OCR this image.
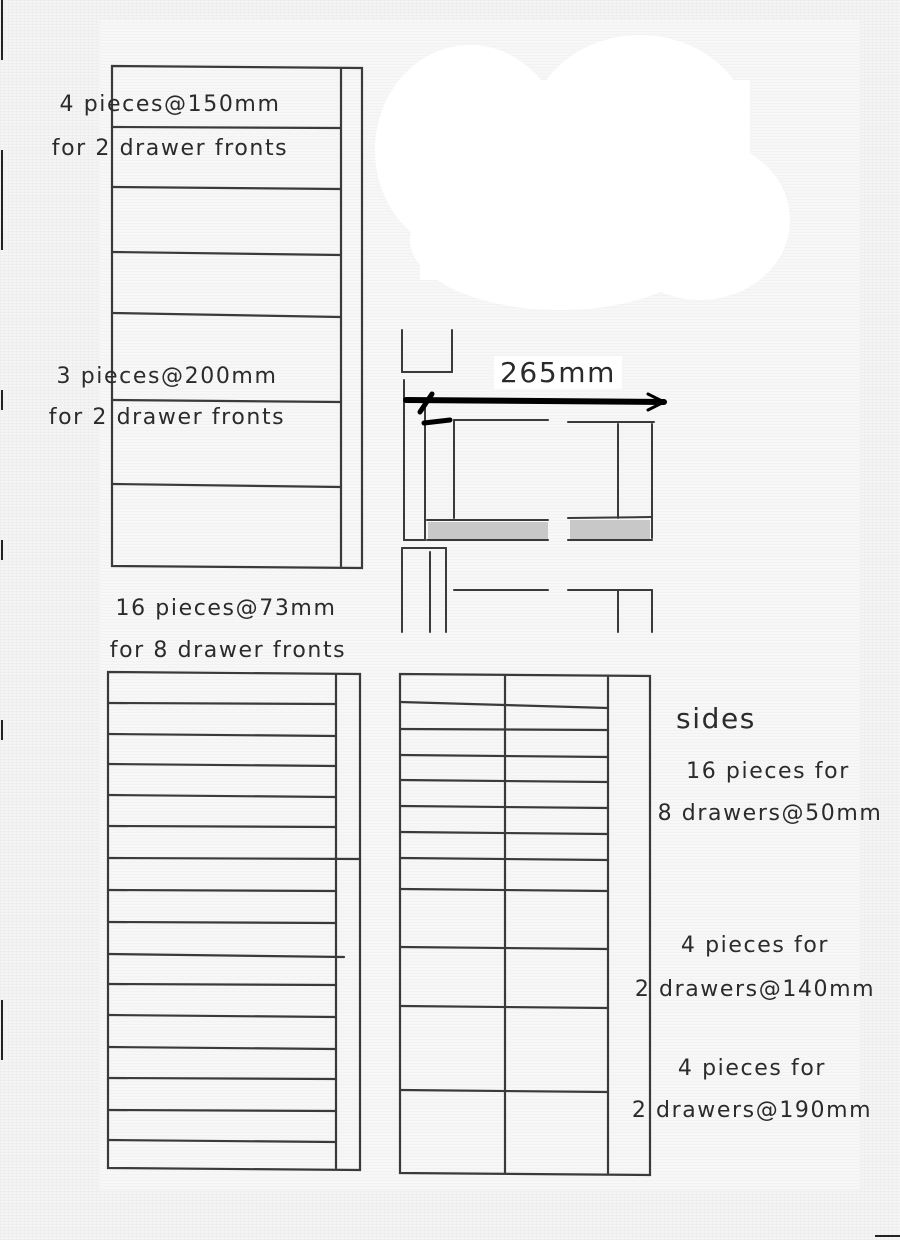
4 pieces@150mm
for 2 drawer fronts
3 pieces@200mm
for 2 drawer fronts
16 pieces@73mm
for 8 drawer fronts
265mm
sides
16 pieces for
8 drawers@50mm
4 pieces for
2 drawers@140mm
4 pieces for
2 drawers@190mm
